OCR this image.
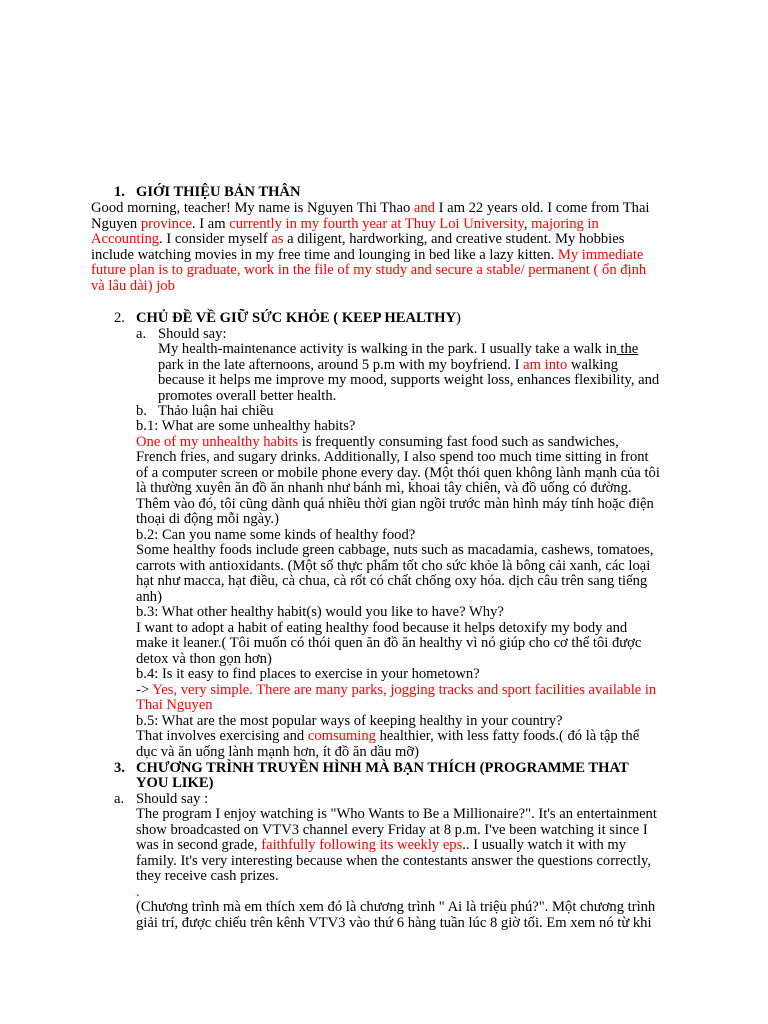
1. GIỚI THIỆU BẢN THÂN

Good morning, teacher! My name is Nguyen Thi Thao and I am 22 years old. I come from Thai

Nguyen province. I am currently in my fourth year at Thuy Loi University, majoring in

Accounting. I consider myself as a diligent, hardworking, and creative student. My hobbies

include watching movies in my free time and lounging in bed like a lazy kitten. My immediate

future plan is to graduate, work in the file of my study and secure a stable/ permanent ( ổn định

và lâu dài) job

2. CHỦ ĐỀ VỀ GIỮ SỨC KHỎE ( KEEP HEALTHY)

a. Should say:

My health-maintenance activity is walking in the park. I usually take a walk in the

park in the late afternoons, around 5 p.m with my boyfriend. I am into walking

because it helps me improve my mood, supports weight loss, enhances flexibility, and

promotes overall better health.

b. Thảo luận hai chiều

b.1: What are some unhealthy habits?

One of my unhealthy habits is frequently consuming fast food such as sandwiches,

French fries, and sugary drinks. Additionally, I also spend too much time sitting in front

of a computer screen or mobile phone every day. (Một thói quen không lành mạnh của tôi

là thường xuyên ăn đồ ăn nhanh như bánh mì, khoai tây chiên, và đồ uống có đường.

Thêm vào đó, tôi cũng dành quá nhiều thời gian ngồi trước màn hình máy tính hoặc điện

thoại di động mỗi ngày.)

b.2: Can you name some kinds of healthy food?

Some healthy foods include green cabbage, nuts such as macadamia, cashews, tomatoes,

carrots with antioxidants. (Một số thực phẩm tốt cho sức khỏe là bông cải xanh, các loại

hạt như macca, hạt điều, cà chua, cà rốt có chất chống oxy hóa. dịch câu trên sang tiếng

anh)

b.3: What other healthy habit(s) would you like to have? Why?

I want to adopt a habit of eating healthy food because it helps detoxify my body and

make it leaner.( Tôi muốn có thói quen ăn đồ ăn healthy vì nó giúp cho cơ thể tôi được

detox và thon gọn hơn)

b.4: Is it easy to find places to exercise in your hometown?

-> Yes, very simple. There are many parks, jogging tracks and sport facilities available in

Thai Nguyen

b.5: What are the most popular ways of keeping healthy in your country?

That involves exercising and comsuming healthier, with less fatty foods.( đó là tập thể

dục và ăn uống lành mạnh hơn, ít đồ ăn dầu mỡ)

3. CHƯƠNG TRÌNH TRUYỀN HÌNH MÀ BẠN THÍCH (PROGRAMME THAT

YOU LIKE)

a. Should say :

The program I enjoy watching is "Who Wants to Be a Millionaire?". It's an entertainment

show broadcasted on VTV3 channel every Friday at 8 p.m. I've been watching it since I

was in second grade, faithfully following its weekly eps.. I usually watch it with my

family. It's very interesting because when the contestants answer the questions correctly,

they receive cash prizes.

.

(Chương trình mà em thích xem đó là chương trình " Ai là triệu phú?". Một chương trình

giải trí, được chiếu trên kênh VTV3 vào thứ 6 hàng tuần lúc 8 giờ tối. Em xem nó từ khi
